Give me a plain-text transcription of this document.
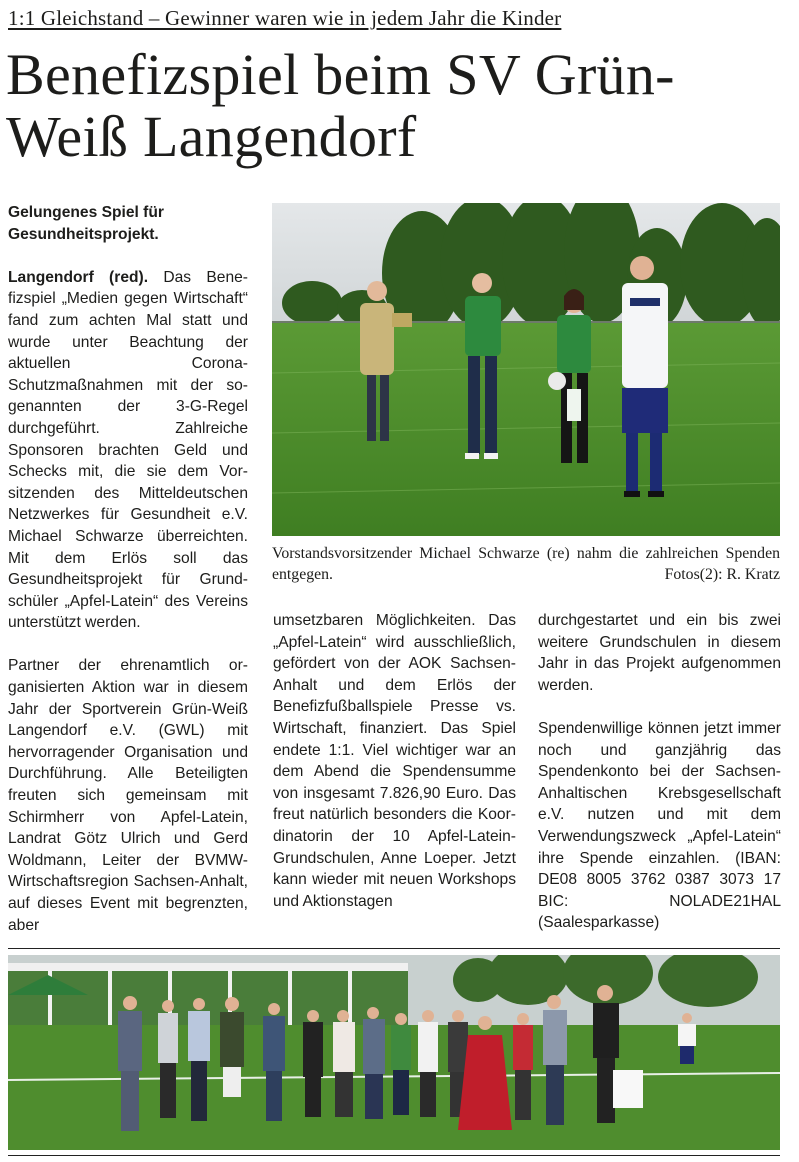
1:1 Gleichstand – Gewinner waren wie in jedem Jahr die Kinder
Benefizspiel beim SV Grün-Weiß Langendorf

Gelungenes Spiel für Gesundheitsprojekt.

Langendorf (red). Das Benefizspiel „Medien gegen Wirtschaft“ fand zum achten Mal statt und wurde unter Beachtung der aktuellen Corona-Schutzmaßnahmen mit der sogenannten der 3-G-Regel durchgeführt. Zahlreiche Sponsoren brachten Geld und Schecks mit, die sie dem Vorsitzenden des Mitteldeutschen Netzwerkes für Gesundheit e.V. Michael Schwarze überreichten. Mit dem Erlös soll das Gesundheitsprojekt für Grundschüler „Apfel-Latein“ des Vereins unterstützt werden.

Partner der ehrenamtlich organisierten Aktion war in diesem Jahr der Sportverein Grün-Weiß Langendorf e.V. (GWL) mit hervorragender Organisation und Durchführung. Alle Beteiligten freuten sich gemeinsam mit Schirmherr von Apfel-Latein, Landrat Götz Ulrich und Gerd Woldmann, Leiter der BVMW-Wirtschaftsregion Sachsen-Anhalt, auf dieses Event mit begrenzten, aber

Vorstandsvorsitzender Michael Schwarze (re) nahm die zahlreichen Spenden entgegen.	Fotos(2): R. Kratz

umsetzbaren Möglichkeiten. Das „Apfel-Latein“ wird ausschließlich, gefördert von der AOK Sachsen-Anhalt und dem Erlös der Benefizfußballspiele Presse vs. Wirtschaft, finanziert. Das Spiel endete 1:1. Viel wichtiger war an dem Abend die Spendensumme von insgesamt 7.826,90 Euro. Das freut natürlich besonders die Koordinatorin der 10 Apfel-Latein-Grundschulen, Anne Loeper. Jetzt kann wieder mit neuen Workshops und Aktionstagen

durchgestartet und ein bis zwei weitere Grundschulen in diesem Jahr in das Projekt aufgenommen werden.

Spendenwillige können jetzt immer noch und ganzjährig das Spendenkonto bei der Sachsen-Anhaltischen Krebsgesellschaft e.V. nutzen und mit dem Verwendungszweck „Apfel-Latein“ ihre Spende einzahlen. (IBAN: DE08 8005 3762 0387 3073 17 BIC: NOLADE21HAL (Saalesparkasse)
